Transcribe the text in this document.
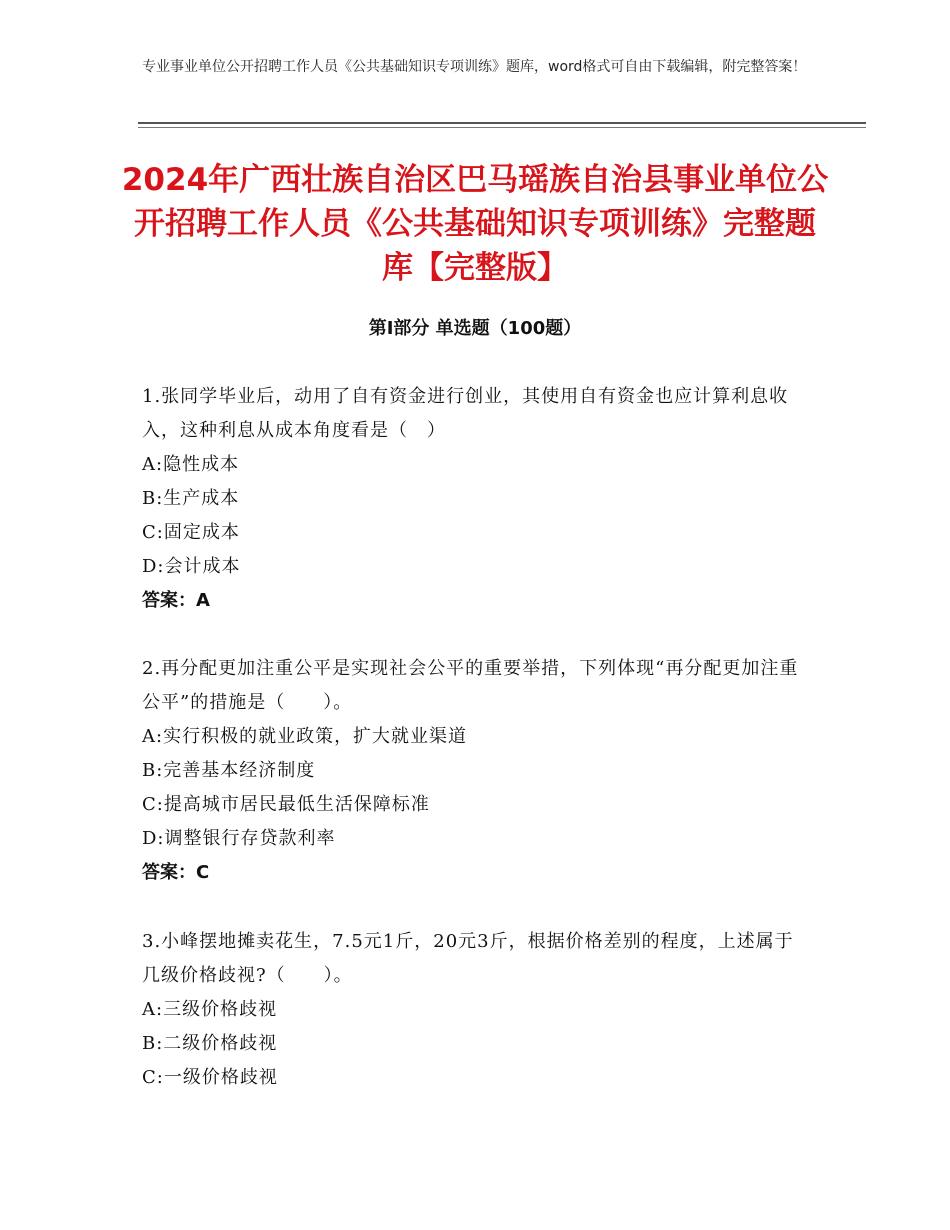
专业事业单位公开招聘工作人员《公共基础知识专项训练》题库，word格式可自由下载编辑，附完整答案！
2024年广西壮族自治区巴马瑶族自治县事业单位公开招聘工作人员《公共基础知识专项训练》完整题库【完整版】
第I部分 单选题（100题）
1.张同学毕业后，动用了自有资金进行创业，其使用自有资金也应计算利息收入，这种利息从成本角度看是（　）
A:隐性成本
B:生产成本
C:固定成本
D:会计成本
答案：A
2.再分配更加注重公平是实现社会公平的重要举措，下列体现“再分配更加注重公平”的措施是（　　）。
A:实行积极的就业政策，扩大就业渠道
B:完善基本经济制度
C:提高城市居民最低生活保障标准
D:调整银行存贷款利率
答案：C
3.小峰摆地摊卖花生，7.5元1斤，20元3斤，根据价格差别的程度，上述属于几级价格歧视?（　　）。
A:三级价格歧视
B:二级价格歧视
C:一级价格歧视
